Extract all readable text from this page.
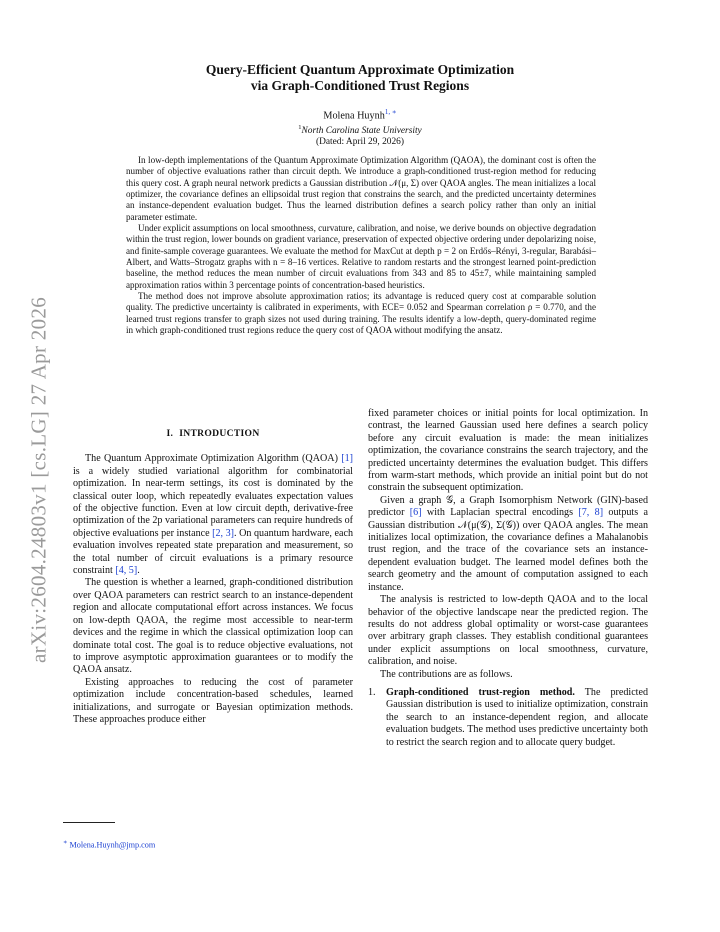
arXiv:2604.24803v1 [cs.LG] 27 Apr 2026
Query-Efficient Quantum Approximate Optimization
via Graph-Conditioned Trust Regions
Molena Huynh$^{1, ∗}$
$^1$North Carolina State University
(Dated: April 29, 2026)

In low-depth implementations of the Quantum Approximate Optimization Algorithm (QAOA), the dominant cost is often the number of objective evaluations rather than circuit depth. We introduce a graph-conditioned trust-region method for reducing this query cost. A graph neural network predicts a Gaussian distribution 𝒩(μ, Σ) over QAOA angles. The mean initializes a local optimizer, the covariance defines an ellipsoidal trust region that constrains the search, and the predicted uncertainty determines an instance-dependent evaluation budget. Thus the learned distribution defines a search policy rather than only an initial parameter estimate.

Under explicit assumptions on local smoothness, curvature, calibration, and noise, we derive bounds on objective degradation within the trust region, lower bounds on gradient variance, preservation of expected objective ordering under depolarizing noise, and finite-sample coverage guarantees. We evaluate the method for MaxCut at depth p = 2 on Erdős–Rényi, 3-regular, Barabási–Albert, and Watts–Strogatz graphs with n = 8–16 vertices. Relative to random restarts and the strongest learned point-prediction baseline, the method reduces the mean number of circuit evaluations from 343 and 85 to 45±7, while maintaining sampled approximation ratios within 3 percentage points of concentration-based heuristics.

The method does not improve absolute approximation ratios; its advantage is reduced query cost at comparable solution quality. The predictive uncertainty is calibrated in experiments, with ECE= 0.052 and Spearman correlation ρ = 0.770, and the learned trust regions transfer to graph sizes not used during training. The results identify a low-depth, query-dominated regime in which graph-conditioned trust regions reduce the query cost of QAOA without modifying the ansatz.

I. INTRODUCTION

The Quantum Approximate Optimization Algorithm (QAOA) [1] is a widely studied variational algorithm for combinatorial optimization. In near-term settings, its cost is dominated by the classical outer loop, which repeatedly evaluates expectation values of the objective function. Even at low circuit depth, derivative-free optimization of the 2p variational parameters can require hundreds of objective evaluations per instance [2, 3]. On quantum hardware, each evaluation involves repeated state preparation and measurement, so the total number of circuit evaluations is a primary resource constraint [4, 5].

The question is whether a learned, graph-conditioned distribution over QAOA parameters can restrict search to an instance-dependent region and allocate computational effort across instances. We focus on low-depth QAOA, the regime most accessible to near-term devices and the regime in which the classical optimization loop can dominate total cost. The goal is to reduce objective evaluations, not to improve asymptotic approximation guarantees or to modify the QAOA ansatz.

Existing approaches to reducing the cost of parameter optimization include concentration-based schedules, learned initializations, and surrogate or Bayesian optimization methods. These approaches produce either

fixed parameter choices or initial points for local optimization. In contrast, the learned Gaussian used here defines a search policy before any circuit evaluation is made: the mean initializes optimization, the covariance constrains the search trajectory, and the predicted uncertainty determines the evaluation budget. This differs from warm-start methods, which provide an initial point but do not constrain the subsequent optimization.

Given a graph 𝒢, a Graph Isomorphism Network (GIN)-based predictor [6] with Laplacian spectral encodings [7, 8] outputs a Gaussian distribution 𝒩(μ(𝒢), Σ(𝒢)) over QAOA angles. The mean initializes local optimization, the covariance defines a Mahalanobis trust region, and the trace of the covariance sets an instance-dependent evaluation budget. The learned model defines both the search geometry and the amount of computation assigned to each instance.

The analysis is restricted to low-depth QAOA and to the local behavior of the objective landscape near the predicted region. The results do not address global optimality or worst-case guarantees over arbitrary graph classes. They establish conditional guarantees under explicit assumptions on local smoothness, curvature, calibration, and noise.

The contributions are as follows.

1.	Graph-conditioned trust-region method. The predicted Gaussian distribution is used to initialize optimization, constrain the search to an instance-dependent region, and allocate evaluation budgets. The method uses predictive uncertainty both to restrict the search region and to allocate query budget.
∗ Molena.Huynh@jmp.com
